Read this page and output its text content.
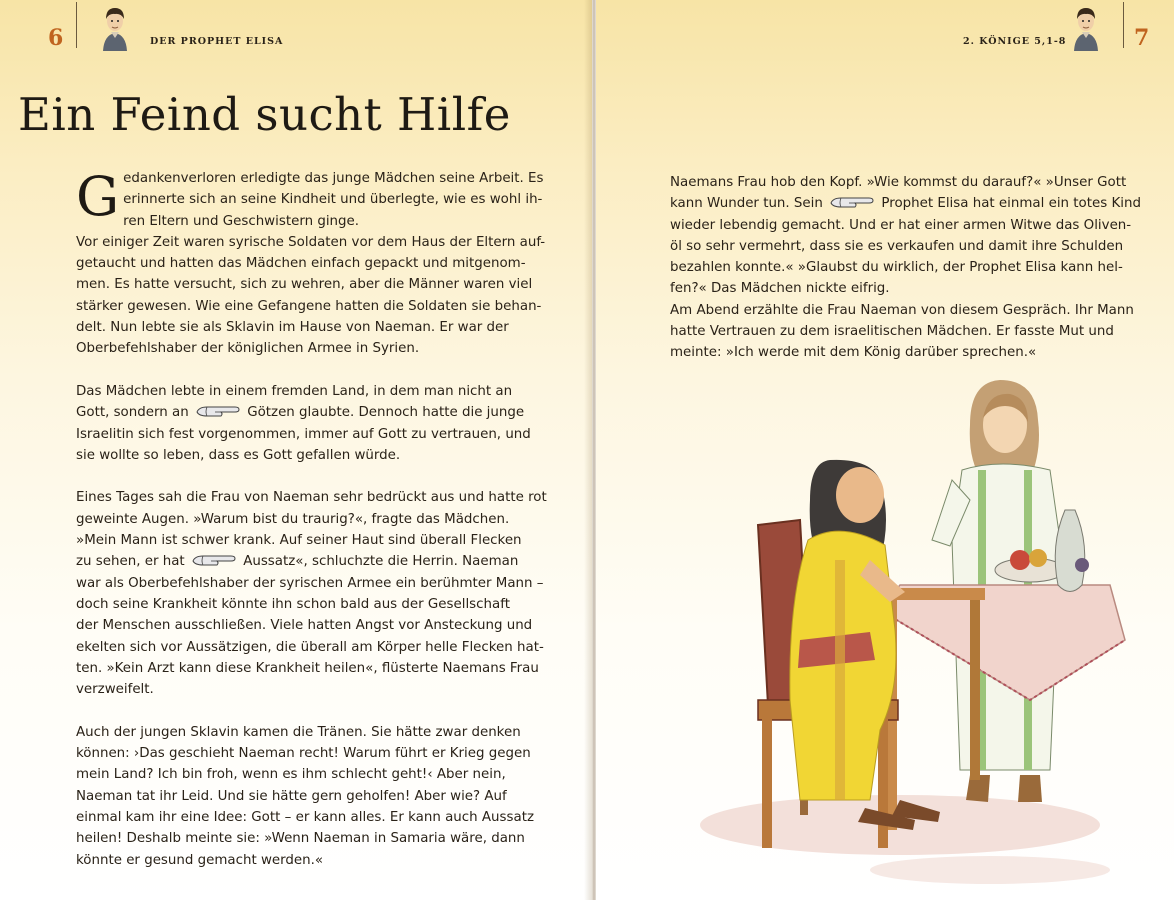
6	DER PROPHET ELISA
Ein Feind sucht Hilfe
G edankenverloren erledigte das junge Mädchen seine Arbeit. Es
erinnerte sich an seine Kindheit und überlegte, wie es wohl ih-
ren Eltern und Geschwistern ginge.
Vor einiger Zeit waren syrische Soldaten vor dem Haus der Eltern auf-
getaucht und hatten das Mädchen einfach gepackt und mitgenom-
men. Es hatte versucht, sich zu wehren, aber die Männer waren viel
stärker gewesen. Wie eine Gefangene hatten die Soldaten sie behan-
delt. Nun lebte sie als Sklavin im Hause von Naeman. Er war der
Oberbefehlshaber der königlichen Armee in Syrien.
Das Mädchen lebte in einem fremden Land, in dem man nicht an
Gott, sondern an	Götzen glaubte. Dennoch hatte die junge
Israelitin sich fest vorgenommen, immer auf Gott zu vertrauen, und
sie wollte so leben, dass es Gott gefallen würde.
Eines Tages sah die Frau von Naeman sehr bedrückt aus und hatte rot
geweinte Augen. »Warum bist du traurig?«, fragte das Mädchen.
»Mein Mann ist schwer krank. Auf seiner Haut sind überall Flecken
zu sehen, er hat	Aussatz«, schluchzte die Herrin. Naeman
war als Oberbefehlshaber der syrischen Armee ein berühmter Mann –
doch seine Krankheit könnte ihn schon bald aus der Gesellschaft
der Menschen ausschließen. Viele hatten Angst vor Ansteckung und
ekelten sich vor Aussätzigen, die überall am Körper helle Flecken hat-
ten. »Kein Arzt kann diese Krankheit heilen«, flüsterte Naemans Frau
verzweifelt.
Auch der jungen Sklavin kamen die Tränen. Sie hätte zwar denken
können: ›Das geschieht Naeman recht! Warum führt er Krieg gegen
mein Land? Ich bin froh, wenn es ihm schlecht geht!‹ Aber nein,
Naeman tat ihr Leid. Und sie hätte gern geholfen! Aber wie? Auf
einmal kam ihr eine Idee: Gott – er kann alles. Er kann auch Aussatz
heilen! Deshalb meinte sie: »Wenn Naeman in Samaria wäre, dann
könnte er gesund gemacht werden.«
2. KÖNIGE 5,1-8	7
Naemans Frau hob den Kopf. »Wie kommst du darauf?« »Unser Gott
kann Wunder tun. Sein	Prophet Elisa hat einmal ein totes Kind
wieder lebendig gemacht. Und er hat einer armen Witwe das Oliven-
öl so sehr vermehrt, dass sie es verkaufen und damit ihre Schulden
bezahlen konnte.« »Glaubst du wirklich, der Prophet Elisa kann hel-
fen?« Das Mädchen nickte eifrig.
Am Abend erzählte die Frau Naeman von diesem Gespräch. Ihr Mann
hatte Vertrauen zu dem israelitischen Mädchen. Er fasste Mut und
meinte: »Ich werde mit dem König darüber sprechen.«
